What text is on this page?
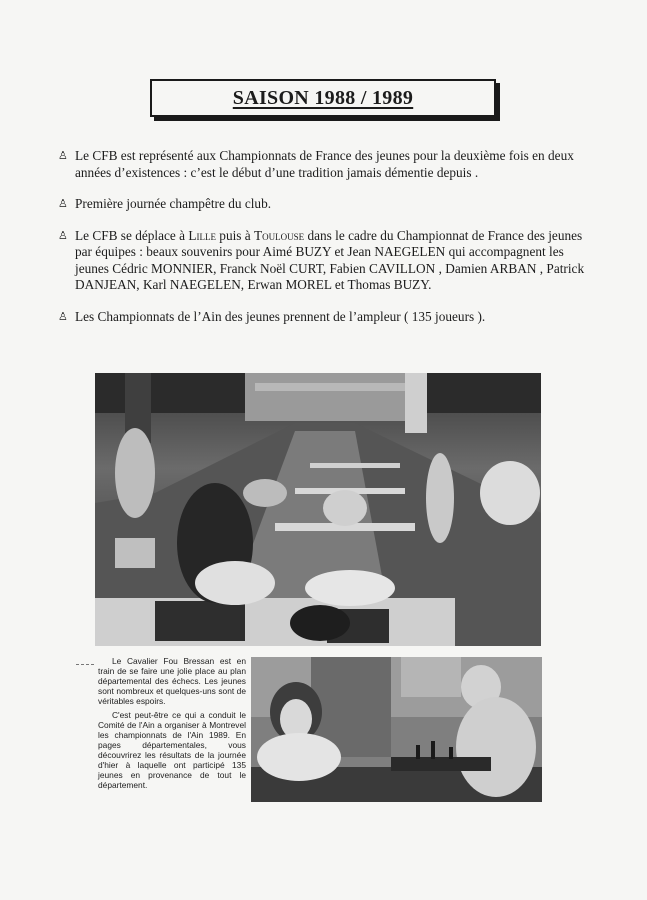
SAISON 1988 / 1989
♙ Le CFB est représenté aux Championnats de France des jeunes pour la deuxième fois en deux années d’existences : c’est le début d’une tradition jamais démentie depuis .
♙ Première journée champêtre du club.
♙ Le CFB se déplace à Lille puis à Toulouse dans le cadre du Championnat de France des jeunes par équipes : beaux souvenirs pour Aimé BUZY et Jean NAEGELEN qui accompagnent les jeunes Cédric MONNIER, Franck Noël CURT, Fabien CAVILLON , Damien ARBAN , Patrick DANJEAN, Karl NAEGELEN, Erwan MOREL et Thomas BUZY.
♙ Les Championnats de l’Ain des jeunes prennent de l’ampleur ( 135 joueurs ).

Le Cavalier Fou Bressan est en train de se faire une jolie place au plan départemental des échecs. Les jeunes sont nombreux et quelques-uns sont de véritables espoirs.

C'est peut-être ce qui a conduit le Comité de l'Ain a organiser à Montrevel les championnats de l'Ain 1989. En pages départementales, vous découvrirez les résultats de la journée d'hier à laquelle ont participé 135 jeunes en provenance de tout le département.
